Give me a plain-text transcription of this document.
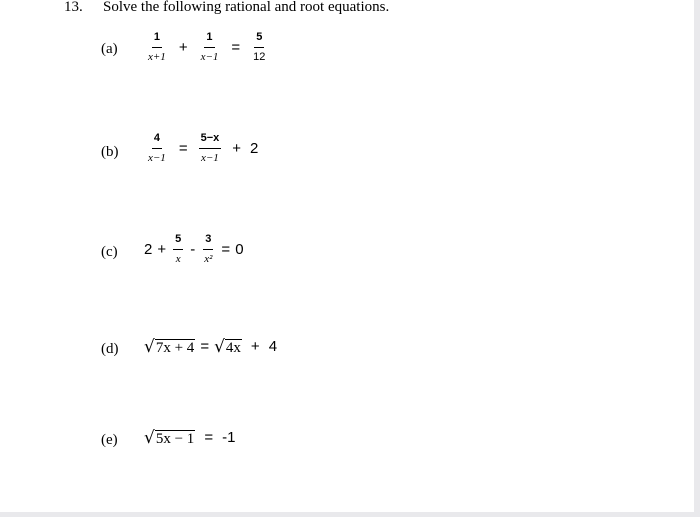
13. Solve the following rational and root equations.
$(a) \frac{1}{x+1} + \frac{1}{x-1} = \frac{5}{12}$
$(b) \frac{4}{x-1} = \frac{5-x}{x-1} + 2$
(c) $2 + \frac{5}{x} - \frac{3}{\text{x²}} = 0$
(d) √ 7x + 4 = √ 4x + 4
(e) √ 5x − 1 = -1
